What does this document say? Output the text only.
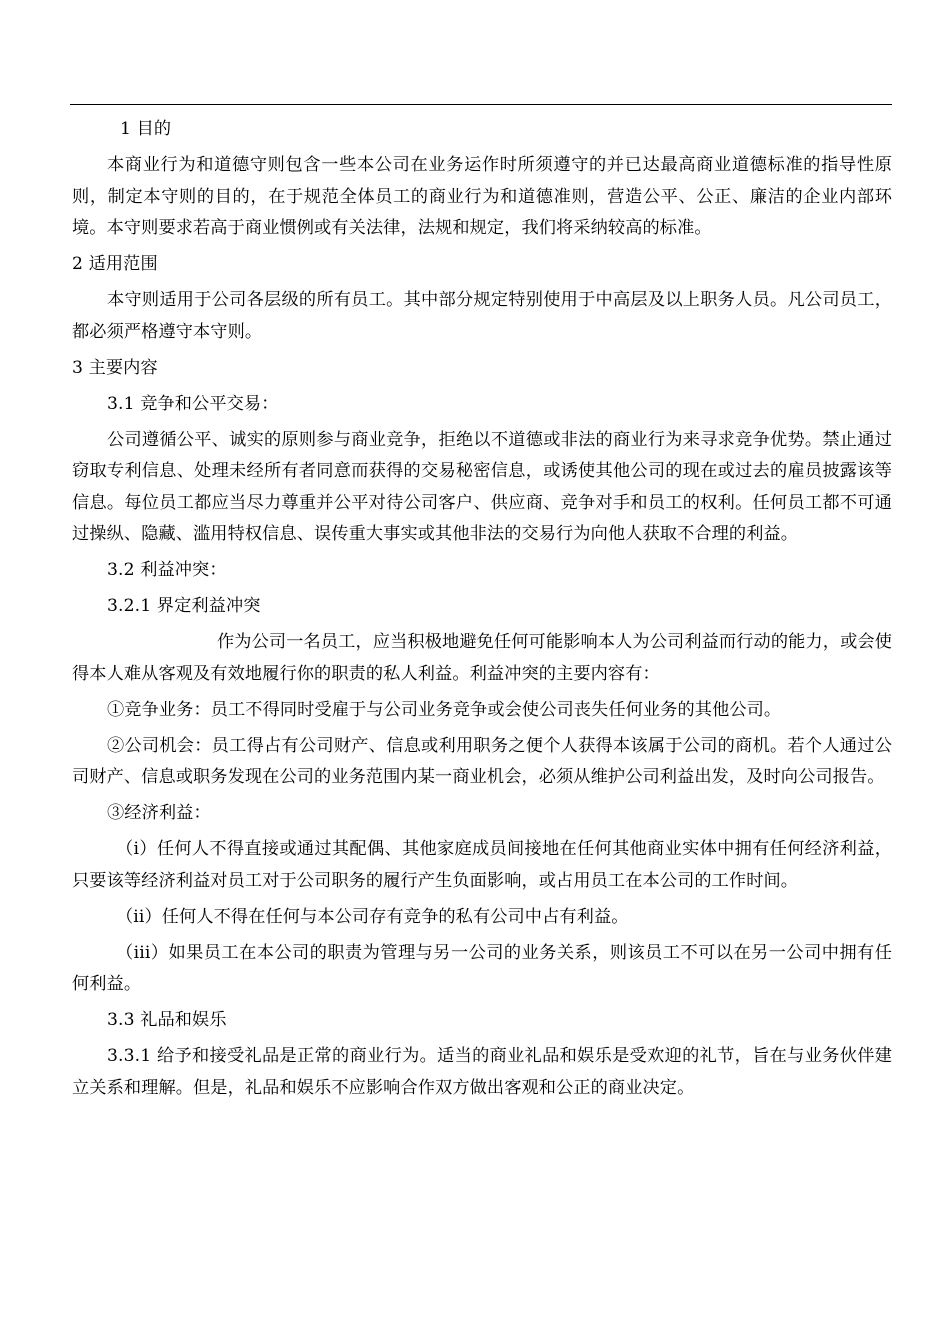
1 目的

本商业行为和道德守则包含一些本公司在业务运作时所须遵守的并已达最高商业道德标准的指导性原则，制定本守则的目的，在于规范全体员工的商业行为和道德准则，营造公平、公正、廉洁的企业内部环境。本守则要求若高于商业惯例或有关法律，法规和规定，我们将采纳较高的标准。

2 适用范围

本守则适用于公司各层级的所有员工。其中部分规定特别使用于中高层及以上职务人员。凡公司员工，都必须严格遵守本守则。

3 主要内容

3.1 竞争和公平交易：

公司遵循公平、诚实的原则参与商业竞争，拒绝以不道德或非法的商业行为来寻求竞争优势。禁止通过窃取专利信息、处理未经所有者同意而获得的交易秘密信息，或诱使其他公司的现在或过去的雇员披露该等信息。每位员工都应当尽力尊重并公平对待公司客户、供应商、竞争对手和员工的权利。任何员工都不可通过操纵、隐藏、滥用特权信息、误传重大事实或其他非法的交易行为向他人获取不合理的利益。

3.2 利益冲突：

3.2.1 界定利益冲突

作为公司一名员工，应当积极地避免任何可能影响本人为公司利益而行动的能力，或会使得本人难从客观及有效地履行你的职责的私人利益。利益冲突的主要内容有：

①竞争业务：员工不得同时受雇于与公司业务竞争或会使公司丧失任何业务的其他公司。

②公司机会：员工得占有公司财产、信息或利用职务之便个人获得本该属于公司的商机。若个人通过公司财产、信息或职务发现在公司的业务范围内某一商业机会，必须从维护公司利益出发，及时向公司报告。

③经济利益：

（i）任何人不得直接或通过其配偶、其他家庭成员间接地在任何其他商业实体中拥有任何经济利益，只要该等经济利益对员工对于公司职务的履行产生负面影响，或占用员工在本公司的工作时间。

（ii）任何人不得在任何与本公司存有竞争的私有公司中占有利益。

（iii）如果员工在本公司的职责为管理与另一公司的业务关系，则该员工不可以在另一公司中拥有任何利益。

3.3 礼品和娱乐

3.3.1 给予和接受礼品是正常的商业行为。适当的商业礼品和娱乐是受欢迎的礼节，旨在与业务伙伴建立关系和理解。但是，礼品和娱乐不应影响合作双方做出客观和公正的商业决定。
